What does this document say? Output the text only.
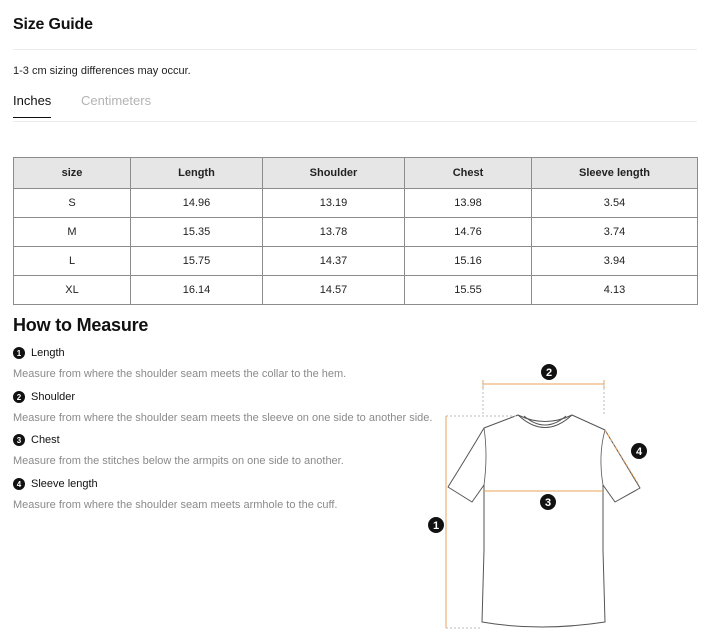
Size Guide
1-3 cm sizing differences may occur.
Inches Centimeters
size	Length	Shoulder	Chest	Sleeve length
S	14.96	13.19	13.98	3.54
M	15.35	13.78	14.76	3.74
L	15.75	14.37	15.16	3.94
XL	16.14	14.57	15.55	4.13
How to Measure
1 Length
Measure from where the shoulder seam meets the collar to the hem.
2 Shoulder
Measure from where the shoulder seam meets the sleeve on one side to another side.
3 Chest
Measure from the stitches below the armpits on one side to another.
4 Sleeve length
Measure from where the shoulder seam meets armhole to the cuff.
2
1
3
4
